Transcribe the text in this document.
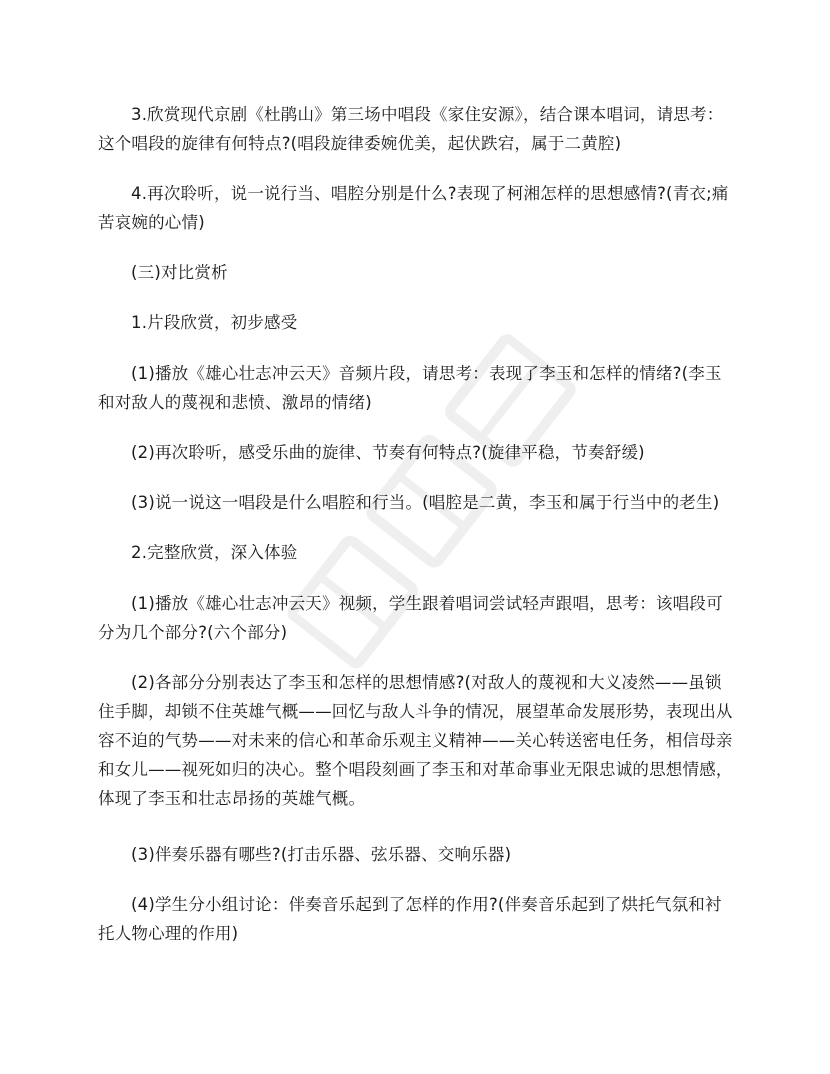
3.欣赏现代京剧《杜鹃山》第三场中唱段《家住安源》，结合课本唱词，请思考：这个唱段的旋律有何特点?(唱段旋律委婉优美，起伏跌宕，属于二黄腔)

4.再次聆听，说一说行当、唱腔分别是什么?表现了柯湘怎样的思想感情?(青衣;痛苦哀婉的心情)

(三)对比赏析

1.片段欣赏，初步感受

(1)播放《雄心壮志冲云天》音频片段，请思考：表现了李玉和怎样的情绪?(李玉和对敌人的蔑视和悲愤、激昂的情绪)

(2)再次聆听，感受乐曲的旋律、节奏有何特点?(旋律平稳，节奏舒缓)

(3)说一说这一唱段是什么唱腔和行当。(唱腔是二黄，李玉和属于行当中的老生)

2.完整欣赏，深入体验

(1)播放《雄心壮志冲云天》视频，学生跟着唱词尝试轻声跟唱，思考：该唱段可分为几个部分?(六个部分)

(2)各部分分别表达了李玉和怎样的思想情感?(对敌人的蔑视和大义凌然——虽锁住手脚，却锁不住英雄气概——回忆与敌人斗争的情况，展望革命发展形势，表现出从容不迫的气势——对未来的信心和革命乐观主义精神——关心转送密电任务，相信母亲和女儿——视死如归的决心。整个唱段刻画了李玉和对革命事业无限忠诚的思想情感，体现了李玉和壮志昂扬的英雄气概。

(3)伴奏乐器有哪些?(打击乐器、弦乐器、交响乐器)

(4)学生分小组讨论：伴奏音乐起到了怎样的作用?(伴奏音乐起到了烘托气氛和衬托人物心理的作用)
